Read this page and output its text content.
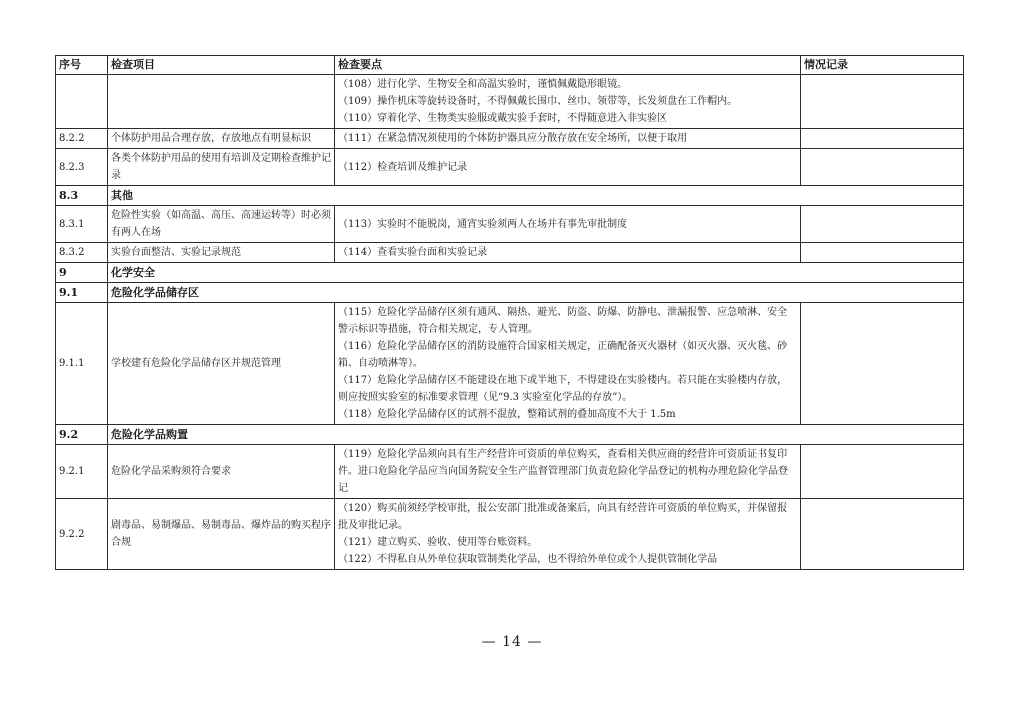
序号	检查项目	检查要点	情况记录

		（108）进行化学、生物安全和高温实验时，谨慎佩戴隐形眼镜。
（109）操作机床等旋转设备时，不得佩戴长围巾、丝巾、领带等，长发须盘在工作帽内。
（110）穿着化学、生物类实验服或戴实验手套时，不得随意进入非实验区	

8.2.2	个体防护用品合理存放，存放地点有明显标识	（111）在紧急情况须使用的个体防护器具应分散存放在安全场所，以便于取用	

8.2.3	各类个体防护用品的使用有培训及定期检查维护记录	（112）检查培训及维护记录	

8.3	其他		
8.3.1	危险性实验（如高温、高压、高速运转等）时必须有两人在场	（113）实验时不能脱岗，通宵实验须两人在场并有事先审批制度	

8.3.2	实验台面整洁、实验记录规范	（114）查看实验台面和实验记录	

9	化学安全		
9.1	危险化学品储存区		
9.1.1	学校建有危险化学品储存区并规范管理	（115）危险化学品储存区须有通风、隔热、避光、防盗、防爆、防静电、泄漏报警、应急喷淋、安全警示标识等措施，符合相关规定，专人管理。
（116）危险化学品储存区的消防设施符合国家相关规定，正确配备灭火器材（如灭火器、灭火毯、砂箱、自动喷淋等）。
（117）危险化学品储存区不能建设在地下或半地下，不得建设在实验楼内。若只能在实验楼内存放，则应按照实验室的标准要求管理（见“9.3 实验室化学品的存放”）。
（118）危险化学品储存区的试剂不混放，整箱试剂的叠加高度不大于 1.5m	

9.2	危险化学品购置		
9.2.1	危险化学品采购须符合要求	（119）危险化学品须向具有生产经营许可资质的单位购买，查看相关供应商的经营许可资质证书复印件。进口危险化学品应当向国务院安全生产监督管理部门负责危险化学品登记的机构办理危险化学品登记	

9.2.2	剧毒品、易制爆品、易制毒品、爆炸品的购买程序合规	（120）购买前须经学校审批，报公安部门批准或备案后，向具有经营许可资质的单位购买，并保留报批及审批记录。
（121）建立购买、验收、使用等台账资料。
（122）不得私自从外单位获取管制类化学品，也不得给外单位或个人提供管制化学品	

— 14 —
